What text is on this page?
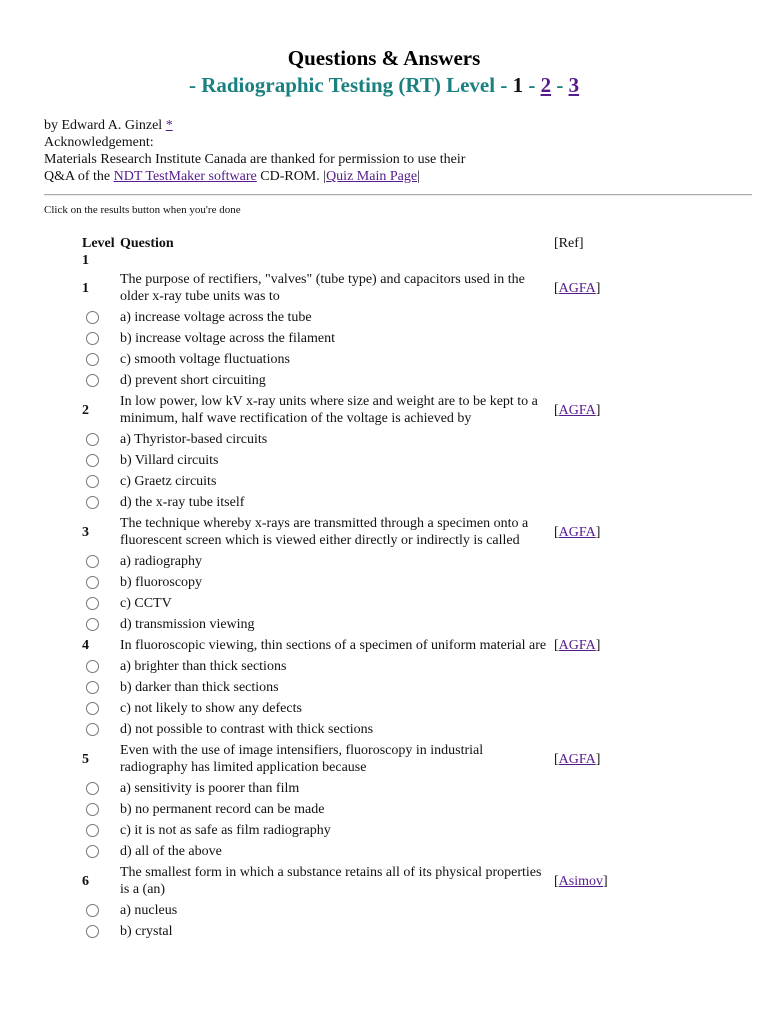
Questions & Answers
- Radiographic Testing (RT) Level - 1 - 2 - 3
by Edward A. Ginzel *
Acknowledgement:
Materials Research Institute Canada are thanked for permission to use their
Q&A of the NDT TestMaker software CD-ROM. |Quiz Main Page|
Click on the results button when you're done
Level 1	Question	[Ref]
1	The purpose of rectifiers, "valves" (tube type) and capacitors used in the older x-ray tube units was to	[AGFA]
	a) increase voltage across the tube	
	b) increase voltage across the filament	
	c) smooth voltage fluctuations	
	d) prevent short circuiting	
2	In low power, low kV x-ray units where size and weight are to be kept to a minimum, half wave rectification of the voltage is achieved by	[AGFA]
	a) Thyristor-based circuits	
	b) Villard circuits	
	c) Graetz circuits	
	d) the x-ray tube itself	
3	The technique whereby x-rays are transmitted through a specimen onto a fluorescent screen which is viewed either directly or indirectly is called	[AGFA]
	a) radiography	
	b) fluoroscopy	
	c) CCTV	
	d) transmission viewing	
4	In fluoroscopic viewing, thin sections of a specimen of uniform material are	[AGFA]
	a) brighter than thick sections	
	b) darker than thick sections	
	c) not likely to show any defects	
	d) not possible to contrast with thick sections	
5	Even with the use of image intensifiers, fluoroscopy in industrial radiography has limited application because	[AGFA]
	a) sensitivity is poorer than film	
	b) no permanent record can be made	
	c) it is not as safe as film radiography	
	d) all of the above	
6	The smallest form in which a substance retains all of its physical properties is a (an)	[Asimov]
	a) nucleus	
	b) crystal	
